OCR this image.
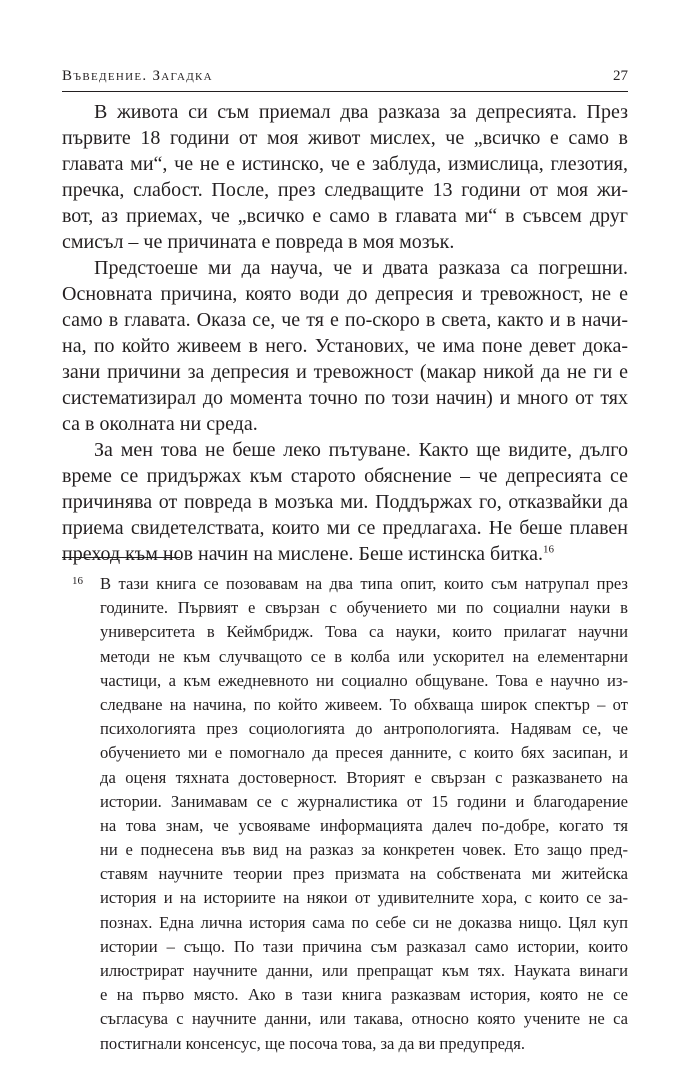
Въведение. Загадка	27
В живота си съм приемал два разказа за депресията. През
първите 18 години от моя живот мислех, че „всичко е само в
главата ми“, че не е истинско, че е заблуда, измислица, глезотия,
пречка, слабост. После, през следващите 13 години от моя жи-
вот, аз приемах, че „всичко е само в главата ми“ в съвсем друг
смисъл – че причината е повреда в моя мозък.
Предстоеше ми да науча, че и двата разказа са погрешни.
Основната причина, която води до депресия и тревожност, не е
само в главата. Оказа се, че тя е по-скоро в света, както и в начи-
на, по който живеем в него. Установих, че има поне девет дока-
зани причини за депресия и тревожност (макар никой да не ги е
систематизирал до момента точно по този начин) и много от тях
са в околната ни среда.
За мен това не беше леко пътуване. Както ще видите, дълго
време се придържах към старото обяснение – че депресията се
причинява от повреда в мозъка ми. Поддържах го, отказвайки да
приема свидетелствата, които ми се предлагаха. Не беше плавен
преход към нов начин на мислене. Беше истинска битка.$^{16}$
16 В тази книга се позовавам на два типа опит, които съм натрупал през
годините. Първият е свързан с обучението ми по социални науки в
университета в Кеймбридж. Това са науки, които прилагат научни
методи не към случващото се в колба или ускорител на елементарни
частици, а към ежедневното ни социално общуване. Това е научно из-
следване на начина, по който живеем. То обхваща широк спектър – от
психологията през социологията до антропологията. Надявам се, че
обучението ми е помогнало да пресея данните, с които бях засипан, и
да оценя тяхната достоверност. Вторият е свързан с разказването на
истории. Занимавам се с журналистика от 15 години и благодарение
на това знам, че усвояваме информацията далеч по-добре, когато тя
ни е поднесена във вид на разказ за конкретен човек. Ето защо пред-
ставям научните теории през призмата на собствената ми житейска
история и на историите на някои от удивителните хора, с които се за-
познах. Една лична история сама по себе си не доказва нищо. Цял куп
истории – също. По тази причина съм разказал само истории, които
илюстрират научните данни, или препращат към тях. Науката винаги
е на първо място. Ако в тази книга разказвам история, която не се
съгласува с научните данни, или такава, относно която учените не са
постигнали консенсус, ще посоча това, за да ви предупредя.
